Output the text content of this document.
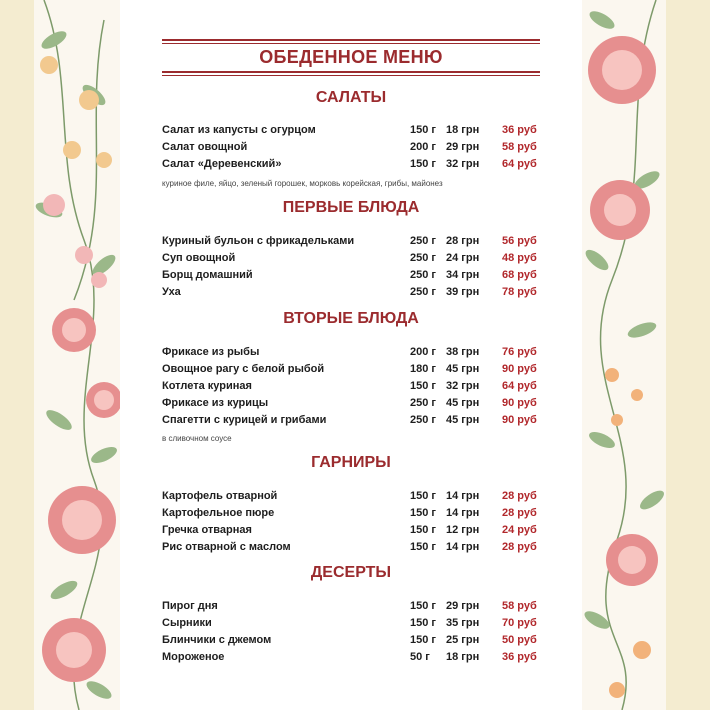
ОБЕДЕННОЕ МЕНЮ
САЛАТЫ
Салат из капусты с огурцом	150 г 18 грн 36 руб
Салат овощной	200 г 29 грн 58 руб
Салат «Деревенский»	150 г 32 грн 64 руб
куриное филе, яйцо, зеленый горошек, морковь корейская, грибы, майонез
ПЕРВЫЕ БЛЮДА
Куриный бульон с фрикадельками	250 г 28 грн 56 руб
Суп овощной	250 г 24 грн 48 руб
Борщ домашний	250 г 34 грн 68 руб
Уха	250 г 39 грн 78 руб
ВТОРЫЕ БЛЮДА
Фрикасе из рыбы	200 г 38 грн 76 руб
Овощное рагу с белой рыбой	180 г 45 грн 90 руб
Котлета куриная	150 г 32 грн 64 руб
Фрикасе из курицы	250 г 45 грн 90 руб
Спагетти с курицей и грибами	250 г 45 грн 90 руб
в сливочном соусе
ГАРНИРЫ
Картофель отварной	150 г 14 грн 28 руб
Картофельное пюре	150 г 14 грн 28 руб
Гречка отварная	150 г 12 грн 24 руб
Рис отварной с маслом	150 г 14 грн 28 руб
ДЕСЕРТЫ
Пирог дня	150 г 29 грн 58 руб
Сырники	150 г 35 грн 70 руб
Блинчики с джемом	150 г 25 грн 50 руб
Мороженое	50 г 18 грн 36 руб
